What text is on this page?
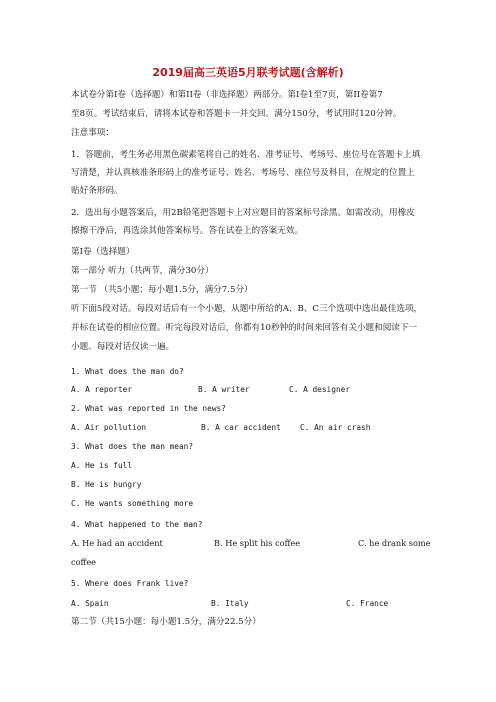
2019届高三英语5月联考试题(含解析)
本试卷分第I卷（选择题）和第II卷（非选择题）两部分。第I卷1至7页，第II卷第7
至8页。考试结束后，请将本试卷和答题卡一并交回。满分150分，考试用时120分钟。
注意事项：
1．答题前，考生务必用黑色碳素笔将自己的姓名、准考证号、考场号、座位号在答题卡上填
写清楚，并认真核准条形码上的准考证号、姓名、考场号、座位号及科目，在规定的位置上
贴好条形码。
2．选出每小题答案后，用2B铅笔把答题卡上对应题目的答案标号涂黑。如需改动，用橡皮
擦擦干净后，再选涂其他答案标号。答在试卷上的答案无效。
第I卷（选择题）
第一部分 听力（共两节，满分30分）
第一节 （共5小题；每小题1.5分，满分7.5分）
听下面5段对话。每段对话后有一个小题，从题中所给的A、B、C三个选项中选出最佳选项，
并标在试卷的相应位置。听完每段对话后，你都有10秒钟的时间来回答有关小题和阅读下一
小题。每段对话仅读一遍。
1. What does the man do?
A. A reporter	B. A writer	C. A designer
2. What was reported in the news?
A. Air pollution	B. A car accident C. An air crash
3. What does the man mean?
A. He is full
B. He is hungry
C. He wants something more
4. What happened to the man?
A. He had an accident	B. He split his coffee	C. he drank some
coffee
5. Where does Frank live?
A. Spain	B. Italy	C. France
第二节（共15小题：每小题1.5分，满分22.5分）
